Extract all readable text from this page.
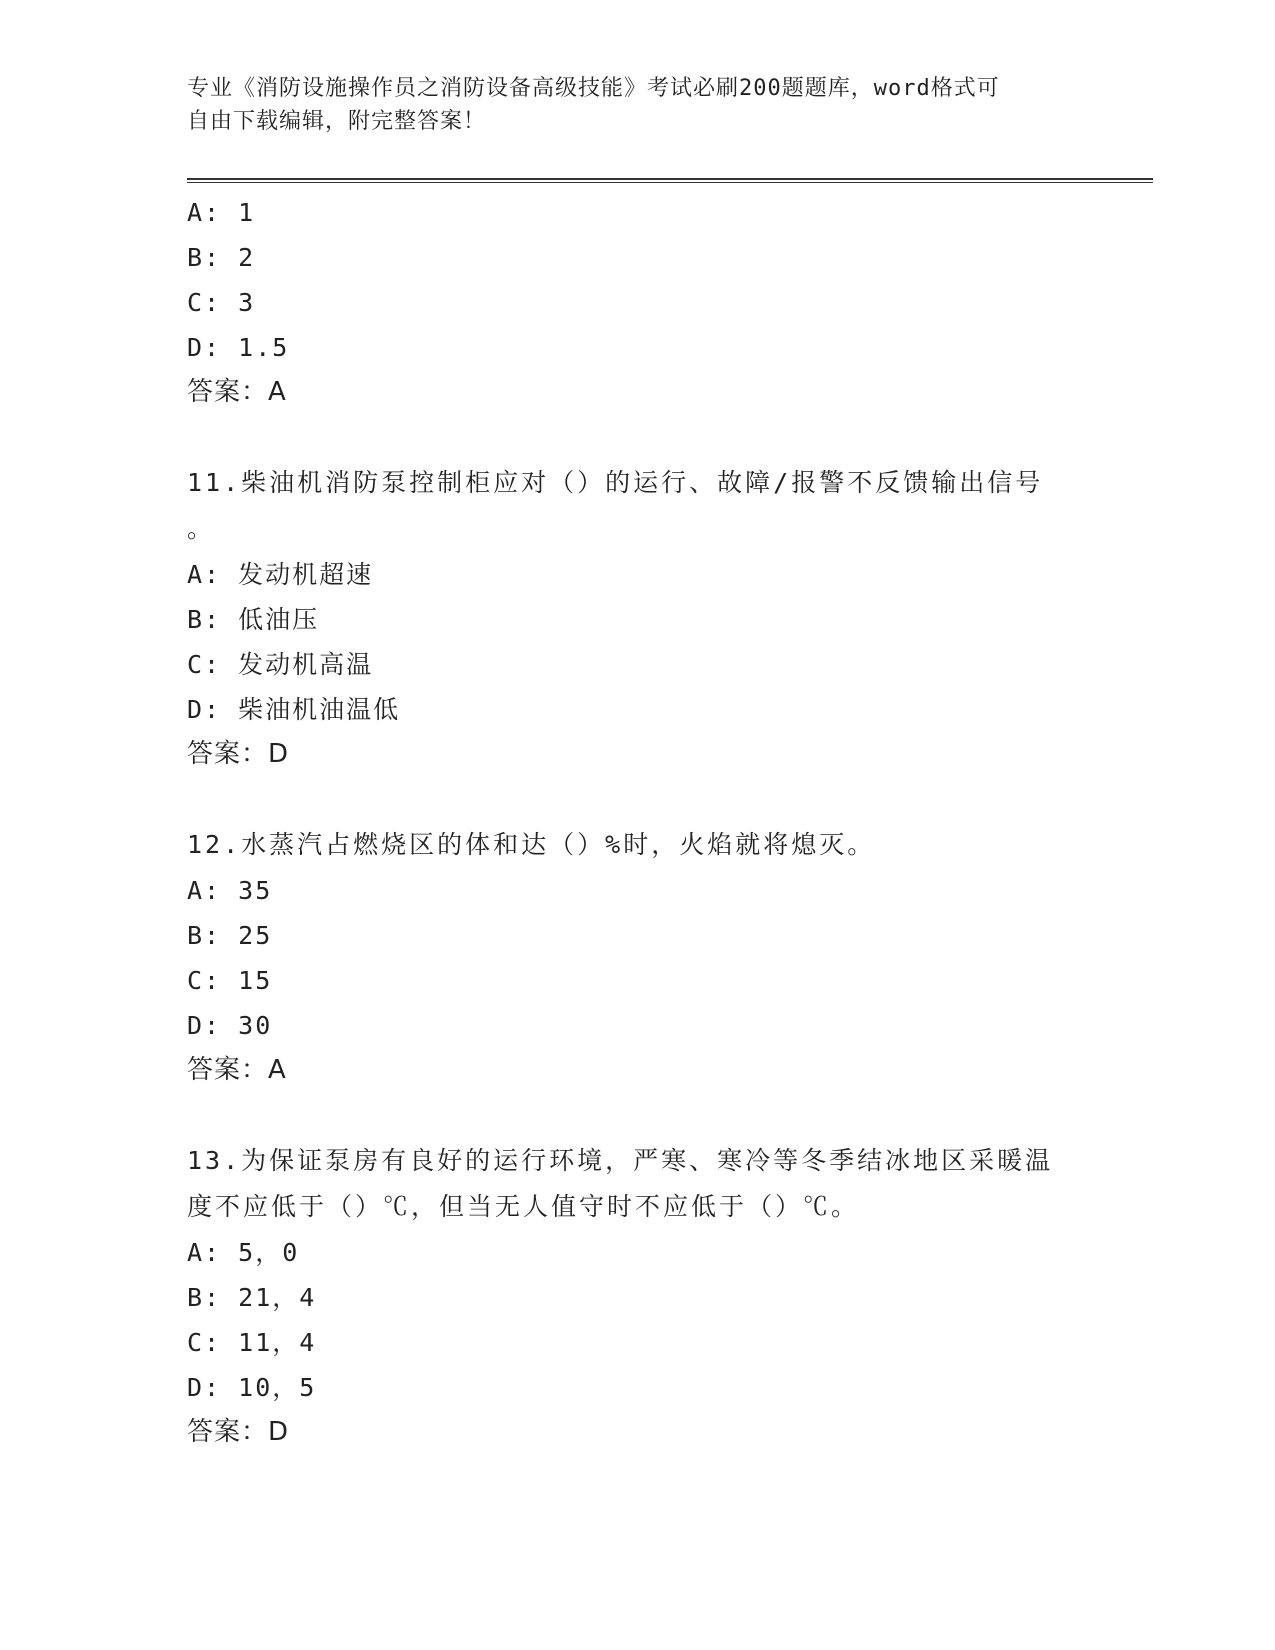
专业《消防设施操作员之消防设备高级技能》考试必刷200题题库，word格式可
自由下载编辑，附完整答案！
A: 1
B: 2
C: 3
D: 1.5
答案：A
11.柴油机消防泵控制柜应对（）的运行、故障/报警不反馈输出信号
。
A: 发动机超速
B: 低油压
C: 发动机高温
D: 柴油机油温低
答案：D
12.水蒸汽占燃烧区的体和达（）%时，火焰就将熄灭。
A: 35
B: 25
C: 15
D: 30
答案：A
13.为保证泵房有良好的运行环境，严寒、寒冷等冬季结冰地区采暖温
度不应低于（）℃，但当无人值守时不应低于（）℃。
A: 5，0
B: 21，4
C: 11，4
D: 10，5
答案：D
